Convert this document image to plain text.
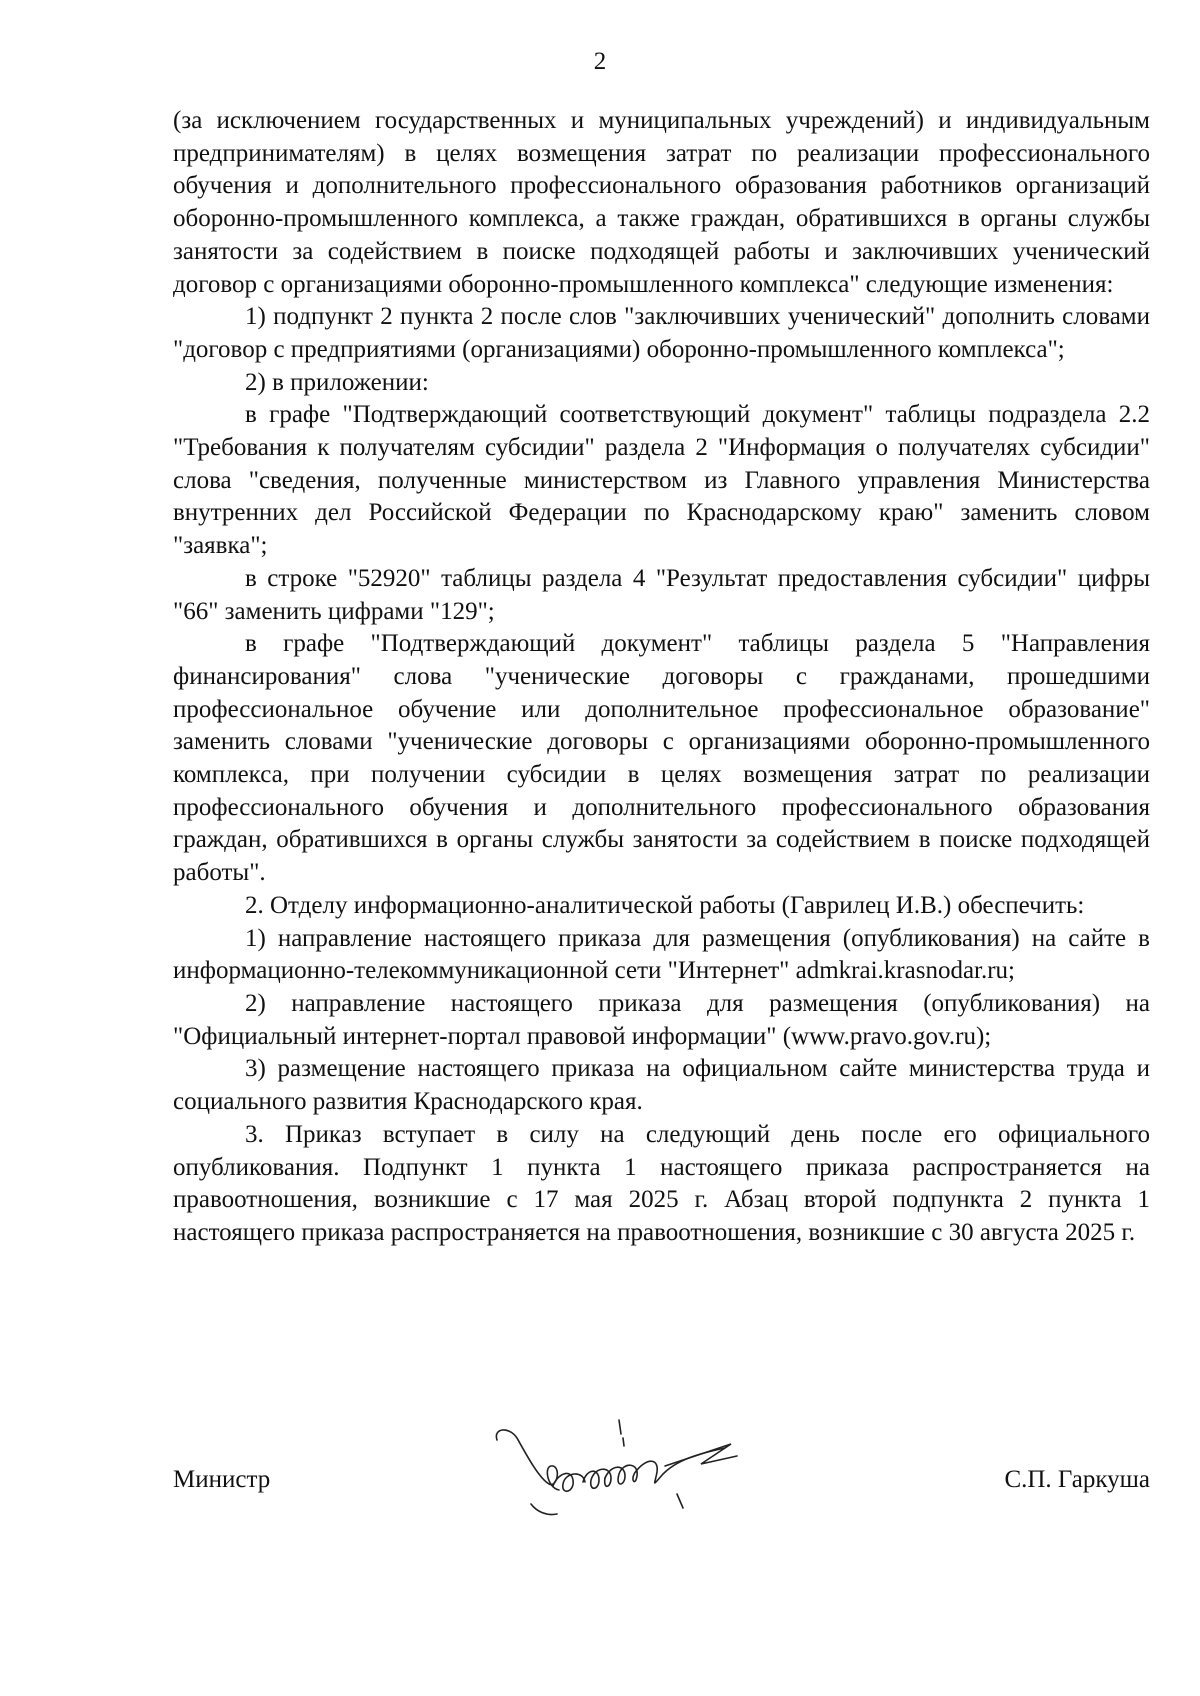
2

(за исключением государственных и муниципальных учреждений) и индивидуальным предпринимателям) в целях возмещения затрат по реализации профессионального обучения и дополнительного профессионального образования работников организаций оборонно-промышленного комплекса, а также граждан, обратившихся в органы службы занятости за содействием в поиске подходящей работы и заключивших ученический договор с организациями оборонно-промышленного комплекса" следующие изменения:

1) подпункт 2 пункта 2 после слов "заключивших ученический" дополнить словами "договор с предприятиями (организациями) оборонно-промышленного комплекса";

2) в приложении:

в графе "Подтверждающий соответствующий документ" таблицы подраздела 2.2 "Требования к получателям субсидии" раздела 2 "Информация о получателях субсидии" слова "сведения, полученные министерством из Главного управления Министерства внутренних дел Российской Федерации по Краснодарскому краю" заменить словом "заявка";

в строке "52920" таблицы раздела 4 "Результат предоставления субсидии" цифры "66" заменить цифрами "129";

в графе "Подтверждающий документ" таблицы раздела 5 "Направления финансирования" слова "ученические договоры с гражданами, прошедшими профессиональное обучение или дополнительное профессиональное образование" заменить словами "ученические договоры с организациями оборонно-промышленного комплекса, при получении субсидии в целях возмещения затрат по реализации профессионального обучения и дополнительного профессионального образования граждан, обратившихся в органы службы занятости за содействием в поиске подходящей работы".

2. Отделу информационно-аналитической работы (Гаврилец И.В.) обеспечить:

1) направление настоящего приказа для размещения (опубликования) на сайте в информационно-телекоммуникационной сети "Интернет" admkrai.krasnodar.ru;

2) направление настоящего приказа для размещения (опубликования) на "Официальный интернет-портал правовой информации" (www.pravo.gov.ru);

3) размещение настоящего приказа на официальном сайте министерства труда и социального развития Краснодарского края.

3. Приказ вступает в силу на следующий день после его официального опубликования. Подпункт 1 пункта 1 настоящего приказа распространяется на правоотношения, возникшие с 17 мая 2025 г. Абзац второй подпункта 2 пункта 1 настоящего приказа распространяется на правоотношения, возникшие с 30 августа 2025 г.

Министр	С.П. Гаркуша
